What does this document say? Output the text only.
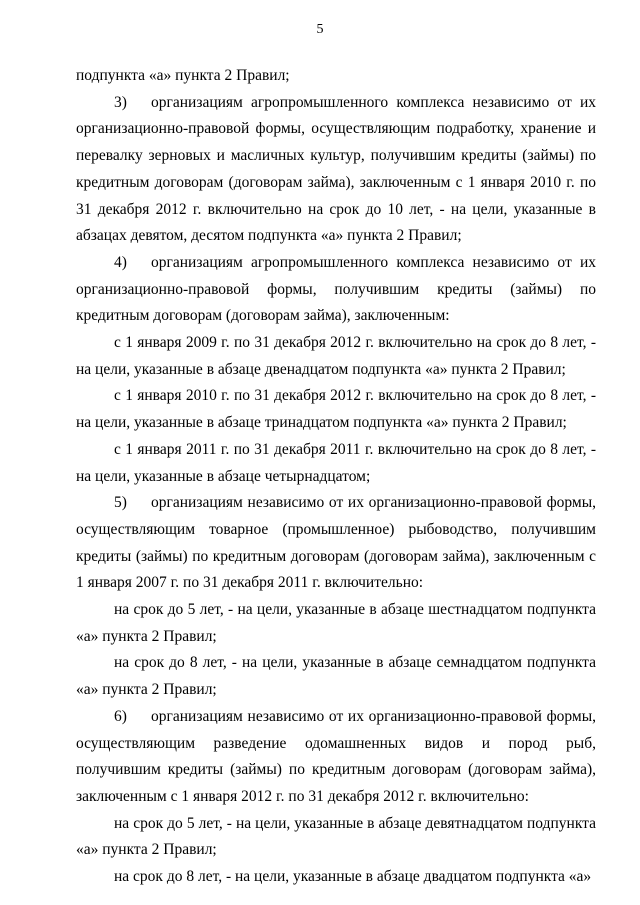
5

подпункта «а» пункта 2 Правил;

3) организациям агропромышленного комплекса независимо от их организационно-правовой формы, осуществляющим подработку, хранение и перевалку зерновых и масличных культур, получившим кредиты (займы) по кредитным договорам (договорам займа), заключенным с 1 января 2010 г. по 31 декабря 2012 г. включительно на срок до 10 лет, - на цели, указанные в абзацах девятом, десятом подпункта «а» пункта 2 Правил;

4) организациям агропромышленного комплекса независимо от их организационно-правовой формы, получившим кредиты (займы) по кредитным договорам (договорам займа), заключенным:

с 1 января 2009 г. по 31 декабря 2012 г. включительно на срок до 8 лет, - на цели, указанные в абзаце двенадцатом подпункта «а» пункта 2 Правил;

с 1 января 2010 г. по 31 декабря 2012 г. включительно на срок до 8 лет, - на цели, указанные в абзаце тринадцатом подпункта «а» пункта 2 Правил;

с 1 января 2011 г. по 31 декабря 2011 г. включительно на срок до 8 лет, - на цели, указанные в абзаце четырнадцатом;

5) организациям независимо от их организационно-правовой формы, осуществляющим товарное (промышленное) рыбоводство, получившим кредиты (займы) по кредитным договорам (договорам займа), заключенным с 1 января 2007 г. по 31 декабря 2011 г. включительно:

на срок до 5 лет, - на цели, указанные в абзаце шестнадцатом подпункта «а» пункта 2 Правил;

на срок до 8 лет, - на цели, указанные в абзаце семнадцатом подпункта «а» пункта 2 Правил;

6) организациям независимо от их организационно-правовой формы, осуществляющим разведение одомашненных видов и пород рыб, получившим кредиты (займы) по кредитным договорам (договорам займа), заключенным с 1 января 2012 г. по 31 декабря 2012 г. включительно:

на срок до 5 лет, - на цели, указанные в абзаце девятнадцатом подпункта «а» пункта 2 Правил;

на срок до 8 лет, - на цели, указанные в абзаце двадцатом подпункта «а»
